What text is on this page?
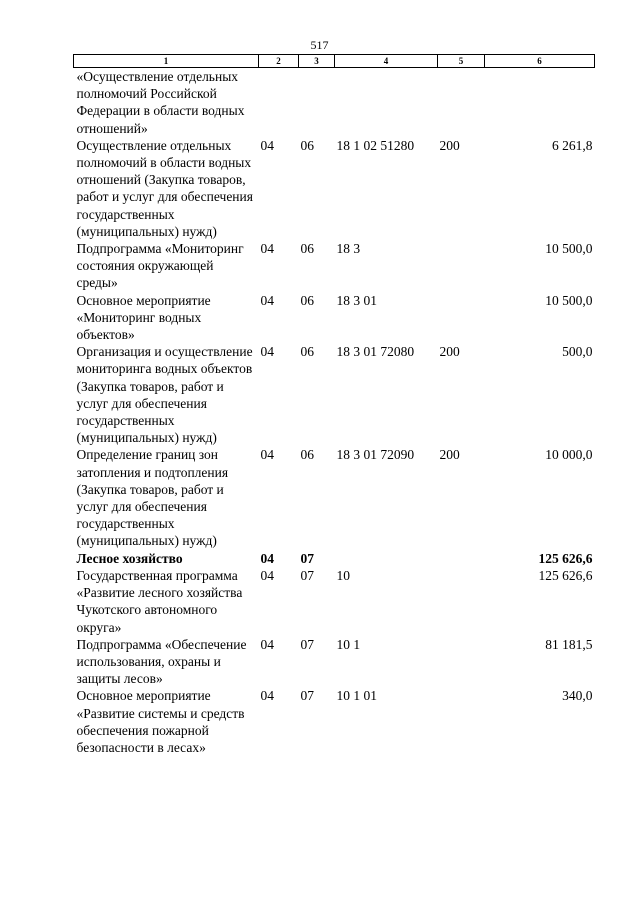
517
1	2	3	4	5	6
«Осуществление отдельных полномочий Российской Федерации в области водных отношений»					
Осуществление отдельных полномочий в области водных отношений (Закупка товаров, работ и услуг для обеспечения государственных (муниципальных) нужд)	04	06	18 1 02 51280	200	6 261,8
Подпрограмма «Мониторинг состояния окружающей среды»	04	06	18 3		10 500,0
Основное мероприятие «Мониторинг водных объектов»	04	06	18 3 01		10 500,0
Организация и осуществление мониторинга водных объектов (Закупка товаров, работ и услуг для обеспечения государственных (муниципальных) нужд)	04	06	18 3 01 72080	200	500,0
Определение границ зон затопления и подтопления (Закупка товаров, работ и услуг для обеспечения государственных (муниципальных) нужд)	04	06	18 3 01 72090	200	10 000,0
Лесное хозяйство	04	07			125 626,6
Государственная программа «Развитие лесного хозяйства Чукотского автономного округа»	04	07	10		125 626,6
Подпрограмма «Обеспечение использования, охраны и защиты лесов»	04	07	10 1		81 181,5
Основное мероприятие «Развитие системы и средств обеспечения пожарной безопасности в лесах»	04	07	10 1 01		340,0
